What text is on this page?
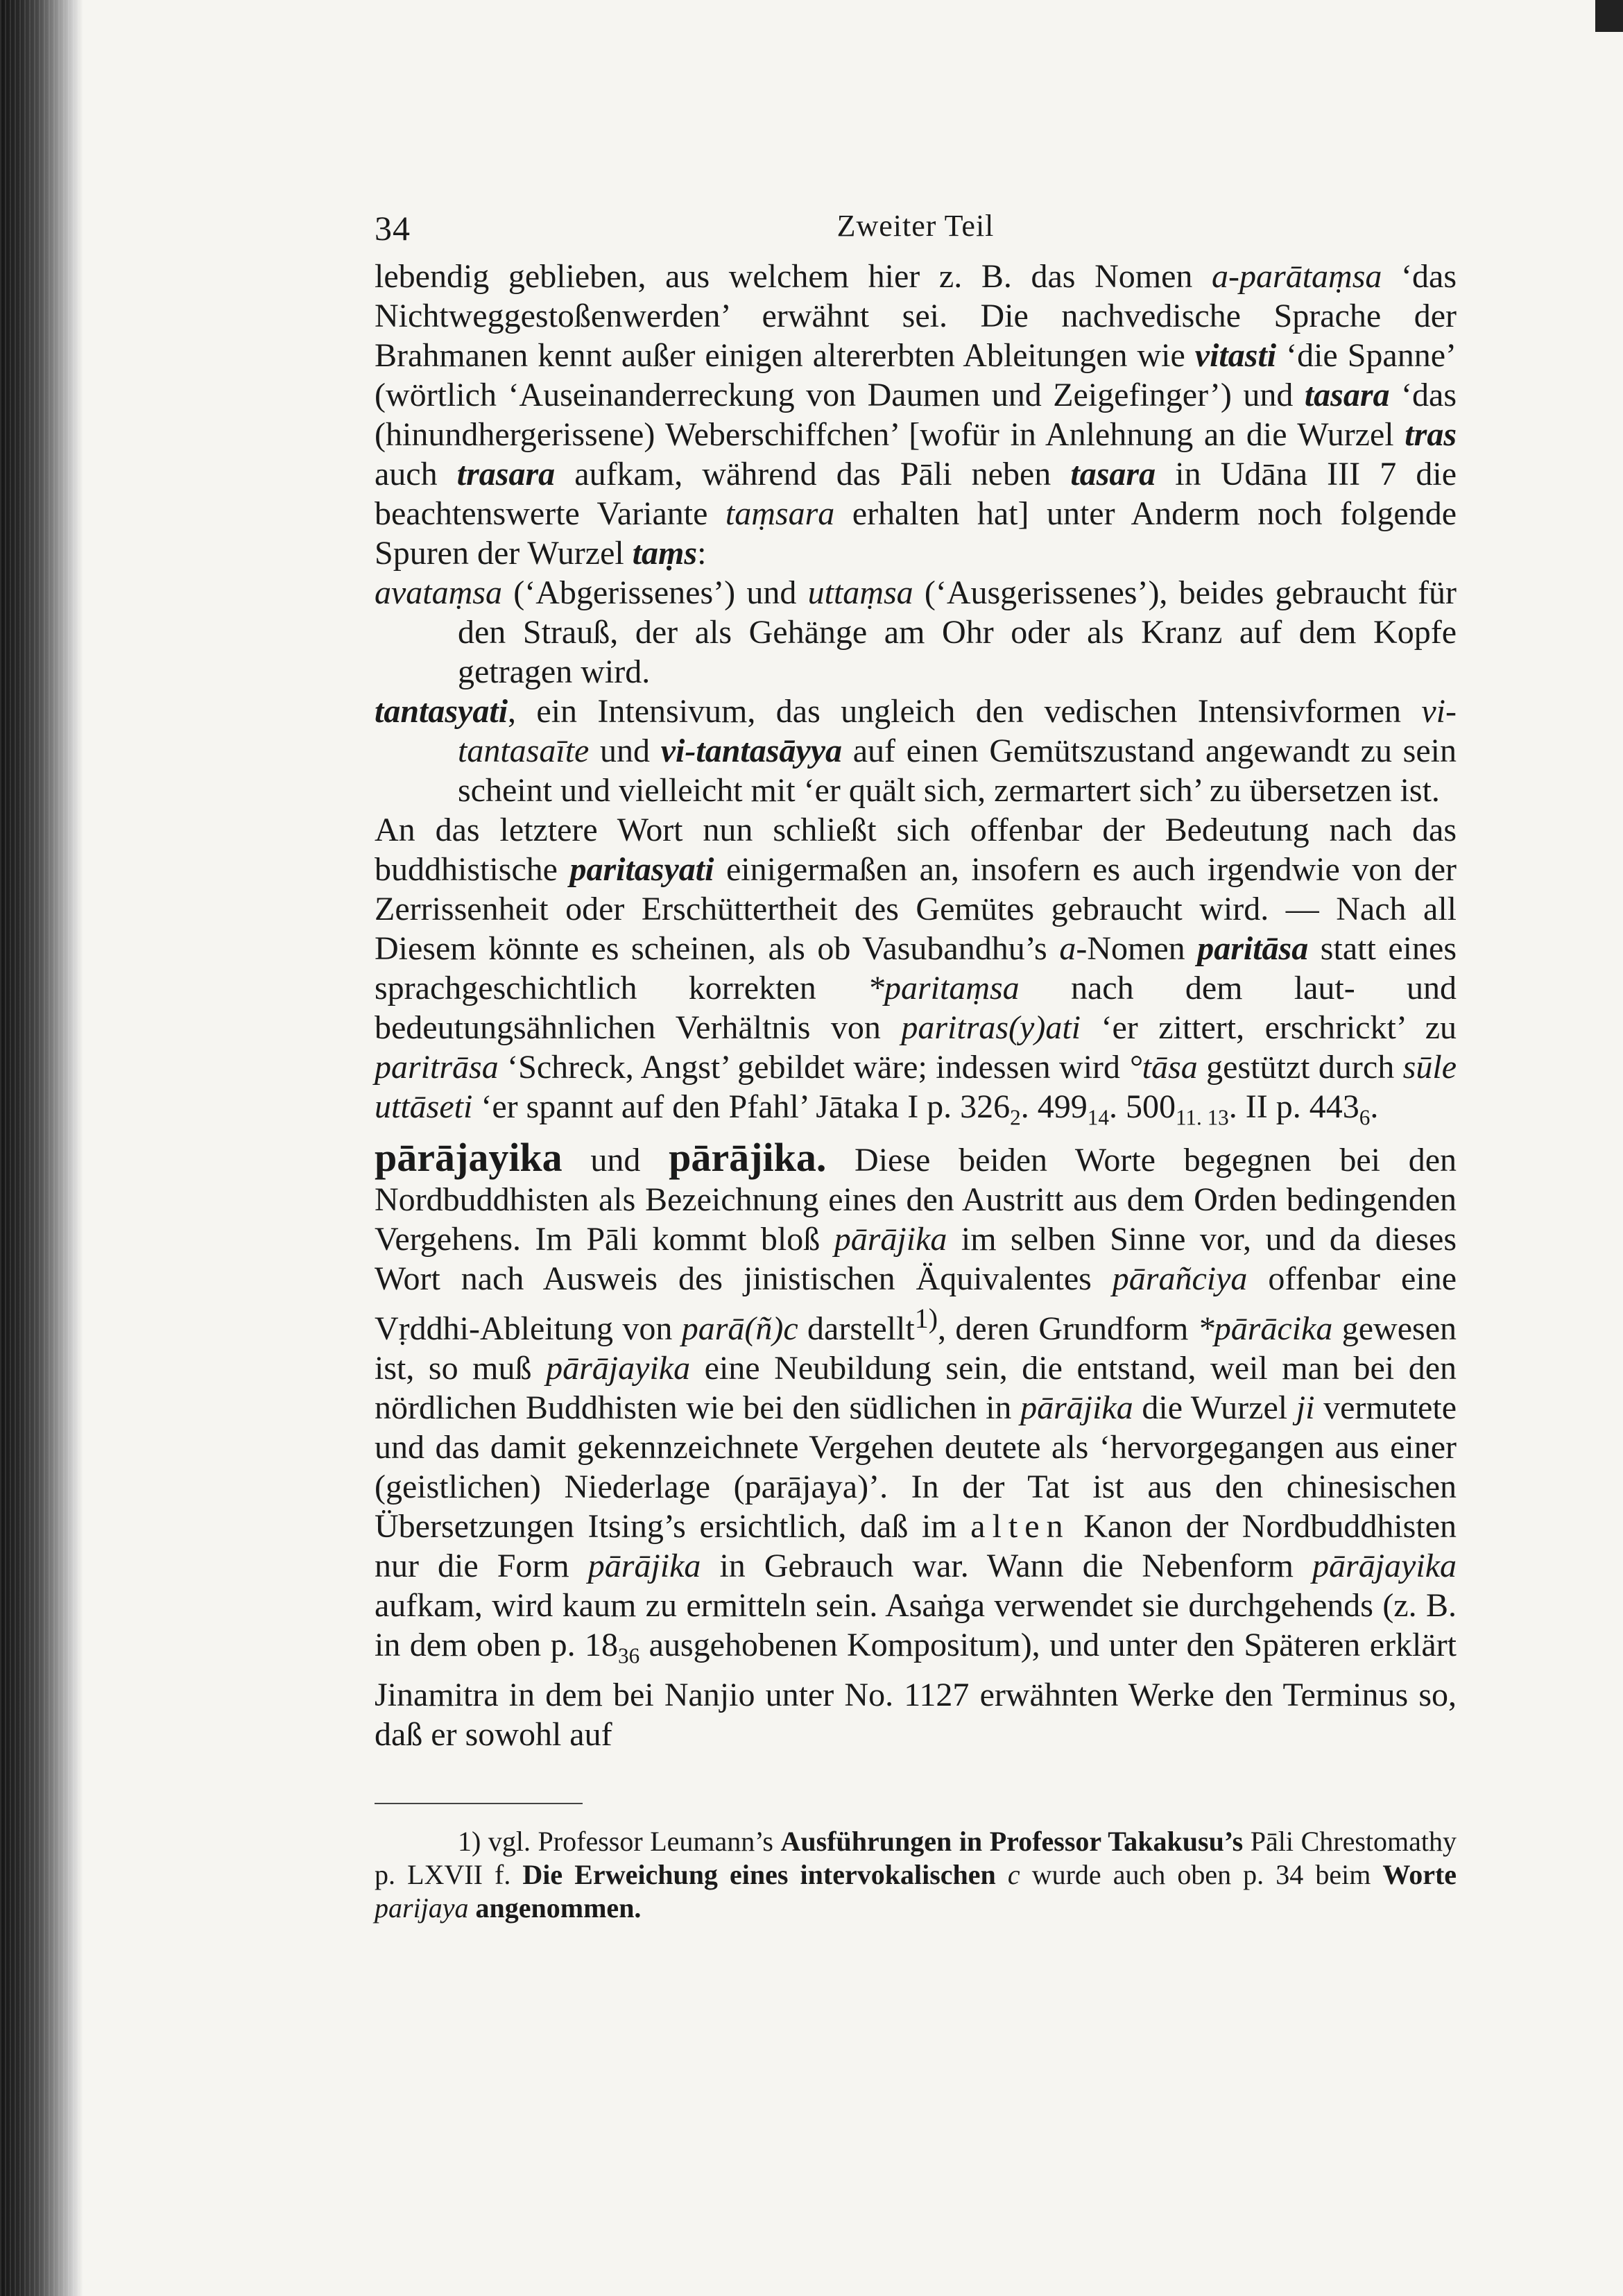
34	Zweiter Teil

lebendig geblieben, aus welchem hier z. B. das Nomen a-parātaṃsa ‘das Nichtweggestoßenwerden’ erwähnt sei. Die nachvedische Sprache der Brahmanen kennt außer einigen altererbten Ableitungen wie vitasti ‘die Spanne’ (wörtlich ‘Auseinanderreckung von Daumen und Zeigefinger’) und tasara ‘das (hinundhergerissene) Weberschiffchen’ [wofür in Anlehnung an die Wurzel tras auch trasara aufkam, während das Pāli neben tasara in Udāna III 7 die beachtenswerte Variante taṃsara erhalten hat] unter Anderm noch folgende Spuren der Wurzel taṃs:

avataṃsa (‘Abgerissenes’) und uttaṃsa (‘Ausgerissenes’), beides gebraucht für den Strauß, der als Gehänge am Ohr oder als Kranz auf dem Kopfe getragen wird.

tantasyati, ein Intensivum, das ungleich den vedischen Intensivformen vi-tantasaīte und vi-tantasāyya auf einen Gemütszustand angewandt zu sein scheint und vielleicht mit ‘er quält sich, zermartert sich’ zu übersetzen ist.

An das letztere Wort nun schließt sich offenbar der Bedeutung nach das buddhistische paritasyati einigermaßen an, insofern es auch irgendwie von der Zerrissenheit oder Erschüttertheit des Gemütes gebraucht wird. — Nach all Diesem könnte es scheinen, als ob Vasubandhu’s a-Nomen paritāsa statt eines sprachgeschichtlich korrekten *paritaṃsa nach dem laut- und bedeutungsähnlichen Verhältnis von paritras(y)ati ‘er zittert, erschrickt’ zu paritrāsa ‘Schreck, Angst’ gebildet wäre; indessen wird °tāsa gestützt durch sūle uttāseti ‘er spannt auf den Pfahl’ Jātaka I p. $326_2$. $499_{14}$. $500_{11. 13}$. II p. $443_6$.

pārājayika und pārājika. Diese beiden Worte begegnen bei den Nordbuddhisten als Bezeichnung eines den Austritt aus dem Orden bedingenden Vergehens. Im Pāli kommt bloß pārājika im selben Sinne vor, und da dieses Wort nach Ausweis des jinistischen Äquivalentes pārañciya offenbar eine Vṛddhi-Ableitung von parā(ñ)c darstellt$^{1)}$, deren Grundform *pārācika gewesen ist, so muß pārājayika eine Neubildung sein, die entstand, weil man bei den nördlichen Buddhisten wie bei den südlichen in pārājika die Wurzel ji vermutete und das damit gekennzeichnete Vergehen deutete als ‘hervorgegangen aus einer (geistlichen) Niederlage (parājaya)’. In der Tat ist aus den chinesischen Übersetzungen Itsing’s ersichtlich, daß im alten Kanon der Nordbuddhisten nur die Form pārājika in Gebrauch war. Wann die Nebenform pārājayika aufkam, wird kaum zu ermitteln sein. Asaṅga verwendet sie durchgehends (z. B. in dem oben p. $18_{36}$ ausgehobenen Kompositum), und unter den Späteren erklärt Jinamitra in dem bei Nanjio unter No. 1127 erwähnten Werke den Terminus so, daß er sowohl auf

1) vgl. Professor Leumann’s Ausführungen in Professor Takakusu’s Pāli Chrestomathy p. LXVII f. Die Erweichung eines intervokalischen c wurde auch oben p. 34 beim Worte parijaya angenommen.
